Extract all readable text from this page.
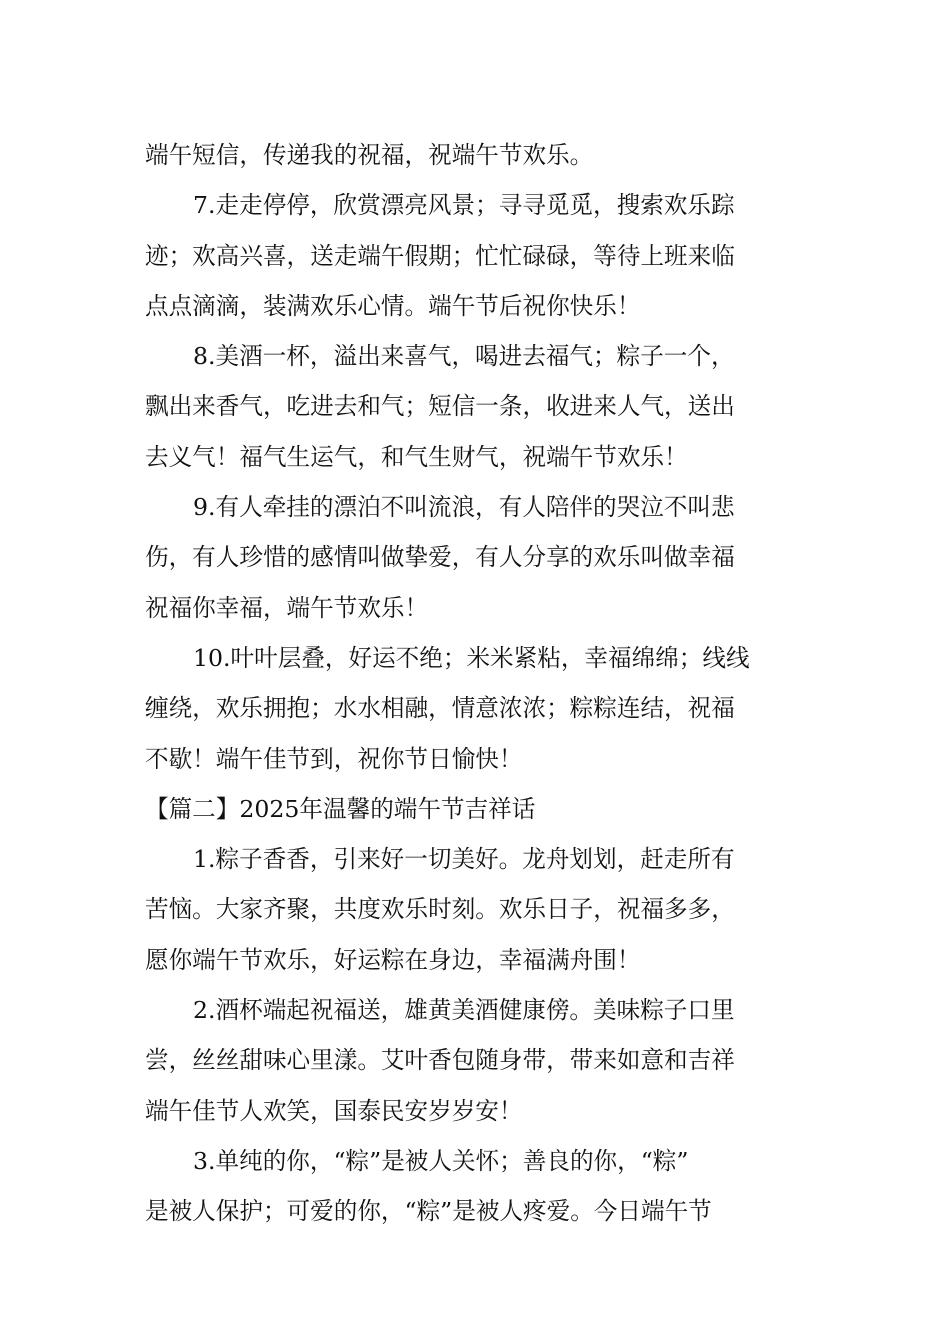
端午短信，传递我的祝福，祝端午节欢乐。
7.走走停停，欣赏漂亮风景；寻寻觅觅，搜索欢乐踪
迹；欢高兴喜，送走端午假期；忙忙碌碌，等待上班来临
点点滴滴，装满欢乐心情。端午节后祝你快乐！
8.美酒一杯，溢出来喜气，喝进去福气；粽子一个，
飘出来香气，吃进去和气；短信一条，收进来人气，送出
去义气！福气生运气，和气生财气，祝端午节欢乐！
9.有人牵挂的漂泊不叫流浪，有人陪伴的哭泣不叫悲
伤，有人珍惜的感情叫做挚爱，有人分享的欢乐叫做幸福
祝福你幸福，端午节欢乐！
10.叶叶层叠，好运不绝；米米紧粘，幸福绵绵；线线
缠绕，欢乐拥抱；水水相融，情意浓浓；粽粽连结，祝福
不歇！端午佳节到，祝你节日愉快！
【篇二】2025年温馨的端午节吉祥话
1.粽子香香，引来好一切美好。龙舟划划，赶走所有
苦恼。大家齐聚，共度欢乐时刻。欢乐日子，祝福多多，
愿你端午节欢乐，好运粽在身边，幸福满舟围！
2.酒杯端起祝福送，雄黄美酒健康傍。美味粽子口里
尝，丝丝甜味心里漾。艾叶香包随身带，带来如意和吉祥
端午佳节人欢笑，国泰民安岁岁安！
3.单纯的你，“粽”是被人关怀；善良的你，“粽”
是被人保护；可爱的你，“粽”是被人疼爱。今日端午节
